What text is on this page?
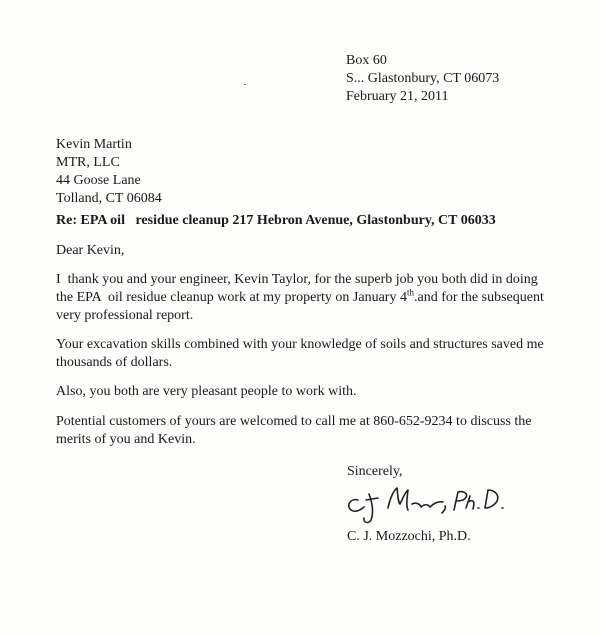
Box 60
S... Glastonbury, CT 06073
February 21, 2011
Kevin Martin
MTR, LLC
44 Goose Lane
Tolland, CT 06084
Re: EPA oil   residue cleanup 217 Hebron Avenue, Glastonbury, CT 06033
Dear Kevin,
I  thank you and your engineer, Kevin Taylor, for the superb job you both did in doing the EPA  oil residue cleanup work at my property on January 4th.and for the subsequent very professional report.
Your excavation skills combined with your knowledge of soils and structures saved me thousands of dollars.
Also, you both are very pleasant people to work with.
Potential customers of yours are welcomed to call me at 860-652-9234 to discuss the merits of you and Kevin.
Sincerely,
C. J. Mozzochi, Ph.D.
